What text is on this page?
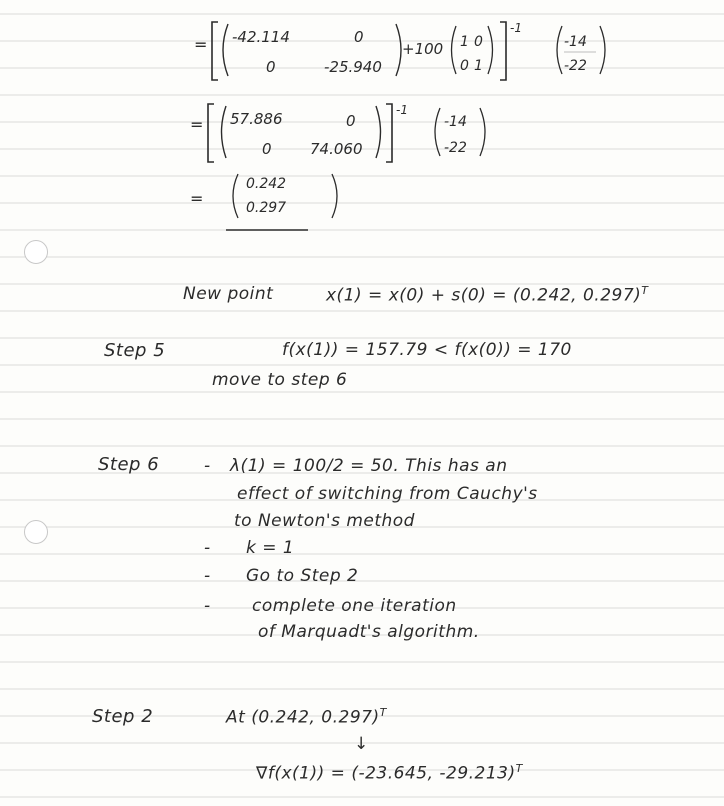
= -42.114	0
0	-25.940
+100 1 0
0 1
-1
-14
-22
= 57.886	0
0	74.060
-1
-14
-22
=
0.242
0.297
New point	x(1) = x(0) + s(0) = (0.242, 0.297)$^T$
Step 5	f(x(1)) = 157.79 < f(x(0)) = 170
move to step 6
Step 6	- λ(1) = 100/2 = 50. This has an
effect of switching from Cauchy's
to Newton's method
- k = 1
- Go to Step 2
- complete one iteration
of Marquadt's algorithm.
Step 2	At (0.242, 0.297)$^T$
↓
∇f(x(1)) = (-23.645, -29.213)$^T$
